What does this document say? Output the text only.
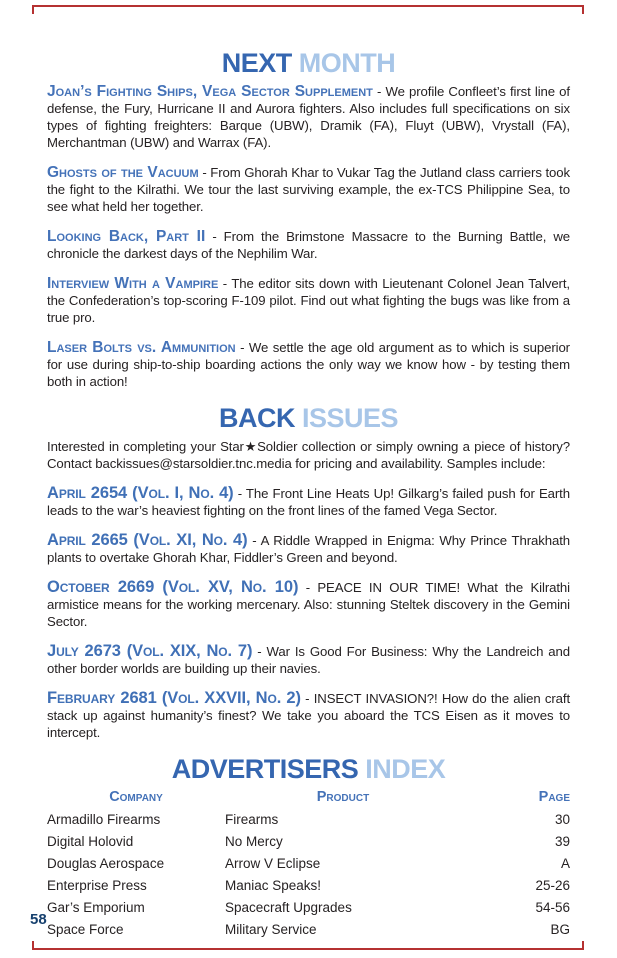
NEXT MONTH

Joan’s Fighting Ships, Vega Sector Supplement - We profile Confleet’s first line of defense, the Fury, Hurricane II and Aurora fighters. Also includes full specifications on six types of fighting freighters: Barque (UBW), Dramik (FA), Fluyt (UBW), Vrystall (FA), Merchantman (UBW) and Warrax (FA).

Ghosts of the Vacuum - From Ghorah Khar to Vukar Tag the Jutland class carriers took the fight to the Kilrathi. We tour the last surviving example, the ex-TCS Philippine Sea, to see what held her together.

Looking Back, Part II - From the Brimstone Massacre to the Burning Battle, we chronicle the darkest days of the Nephilim War.

Interview With a Vampire - The editor sits down with Lieutenant Colonel Jean Talvert, the Confederation’s top-scoring F-109 pilot. Find out what fighting the bugs was like from a true pro.

Laser Bolts vs. Ammunition - We settle the age old argument as to which is superior for use during ship-to-ship boarding actions the only way we know how - by testing them both in action!

BACK ISSUES

Interested in completing your Star★Soldier collection or simply owning a piece of history? Contact backissues@starsoldier.tnc.media for pricing and availability. Samples include:

April 2654 (Vol. I, No. 4) - The Front Line Heats Up! Gilkarg’s failed push for Earth leads to the war’s heaviest fighting on the front lines of the famed Vega Sector.

April 2665 (Vol. XI, No. 4) - A Riddle Wrapped in Enigma: Why Prince Thrakhath plants to overtake Ghorah Khar, Fiddler’s Green and beyond.

October 2669 (Vol. XV, No. 10) - PEACE IN OUR TIME! What the Kilrathi armistice means for the working mercenary. Also: stunning Steltek discovery in the Gemini Sector.

July 2673 (Vol. XIX, No. 7) - War Is Good For Business: Why the Landreich and other border worlds are building up their navies.

February 2681 (Vol. XXVII, No. 2) - INSECT INVASION?! How do the alien craft stack up against humanity’s finest? We take you aboard the TCS Eisen as it moves to intercept.

ADVERTISERS INDEX
Company	Product	Page
Armadillo Firearms	Firearms	30
Digital Holovid	No Mercy	39
Douglas Aerospace	Arrow V Eclipse	A
Enterprise Press	Maniac Speaks!	25-26
Gar’s Emporium	Spacecraft Upgrades	54-56
Space Force	Military Service	BG
58
